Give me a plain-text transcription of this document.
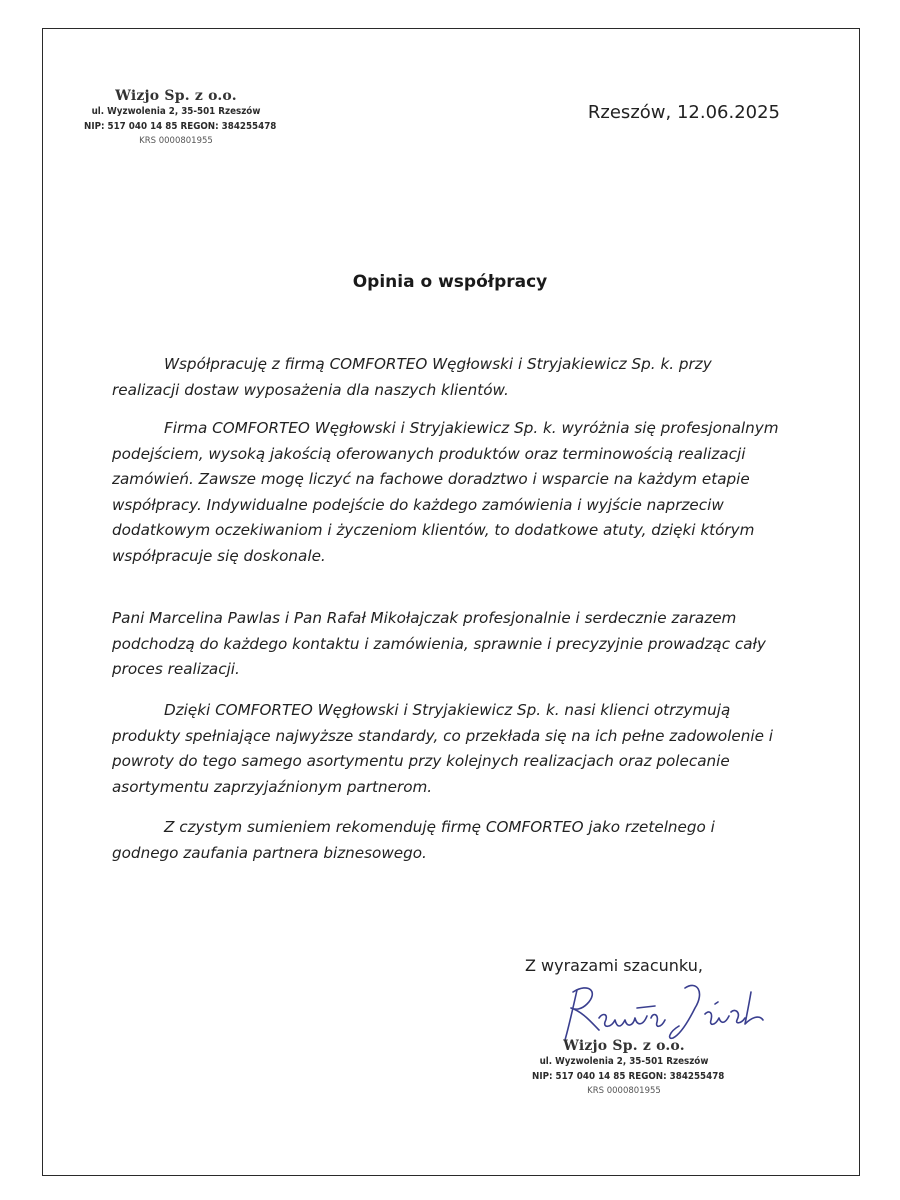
Wizjo Sp. z o.o.
ul. Wyzwolenia 2, 35-501 Rzeszów
NIP: 517 040 14 85 REGON: 384255478
KRS 0000801955
Rzeszów, 12.06.2025
Opinia o współpracy
Współpracuję z firmą COMFORTEO Węgłowski i Stryjakiewicz Sp. k. przy realizacji dostaw wyposażenia dla naszych klientów.
Firma COMFORTEO Węgłowski i Stryjakiewicz Sp. k. wyróżnia się profesjonalnym podejściem, wysoką jakością oferowanych produktów oraz terminowością realizacji zamówień. Zawsze mogę liczyć na fachowe doradztwo i wsparcie na każdym etapie współpracy. Indywidualne podejście do każdego zamówienia i wyjście naprzeciw dodatkowym oczekiwaniom i życzeniom klientów, to dodatkowe atuty, dzięki którym współpracuje się doskonale.
Pani Marcelina Pawlas i Pan Rafał Mikołajczak profesjonalnie i serdecznie zarazem podchodzą do każdego kontaktu i zamówienia, sprawnie i precyzyjnie prowadząc cały proces realizacji.
Dzięki COMFORTEO Węgłowski i Stryjakiewicz Sp. k. nasi klienci otrzymują produkty spełniające najwyższe standardy, co przekłada się na ich pełne zadowolenie i powroty do tego samego asortymentu przy kolejnych realizacjach oraz polecanie asortymentu zaprzyjaźnionym partnerom.
Z czystym sumieniem rekomenduję firmę COMFORTEO jako rzetelnego i godnego zaufania partnera biznesowego.
Z wyrazami szacunku,
Wizjo Sp. z o.o.
ul. Wyzwolenia 2, 35-501 Rzeszów
NIP: 517 040 14 85 REGON: 384255478
KRS 0000801955
